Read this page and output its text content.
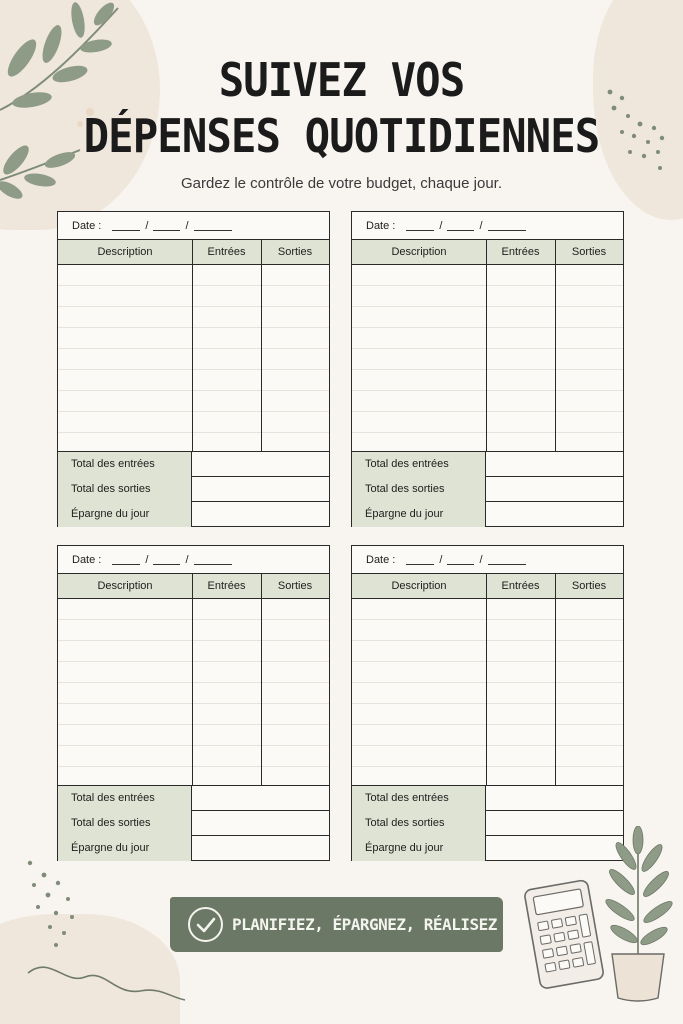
SUIVEZ VOS
DÉPENSES QUOTIDIENNES
Gardez le contrôle de votre budget, chaque jour.
Date :	/	/
Description	Entrées	Sorties
Total des entrées
Total des sorties
Épargne du jour
Date :	/	/
Description	Entrées	Sorties
Total des entrées
Total des sorties
Épargne du jour
Date :	/	/
Description	Entrées	Sorties
Total des entrées
Total des sorties
Épargne du jour
Date :	/	/
Description	Entrées	Sorties
Total des entrées
Total des sorties
Épargne du jour
PLANIFIEZ, ÉPARGNEZ, RÉALISEZ
